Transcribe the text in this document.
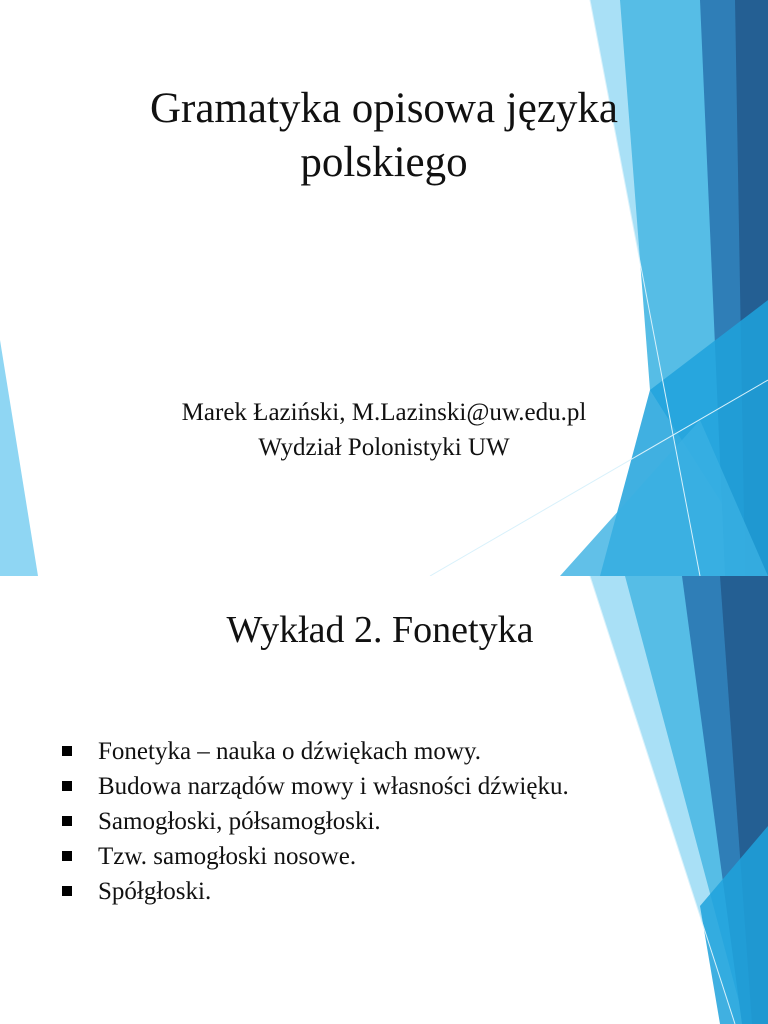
Gramatyka opisowa języka
polskiego
Marek Łaziński, M.Lazinski@uw.edu.pl
Wydział Polonistyki UW
Wykład 2. Fonetyka
Fonetyka – nauka o dźwiękach mowy.
Budowa narządów mowy i własności dźwięku.
Samogłoski, półsamogłoski.
Tzw. samogłoski nosowe.
Spółgłoski.
